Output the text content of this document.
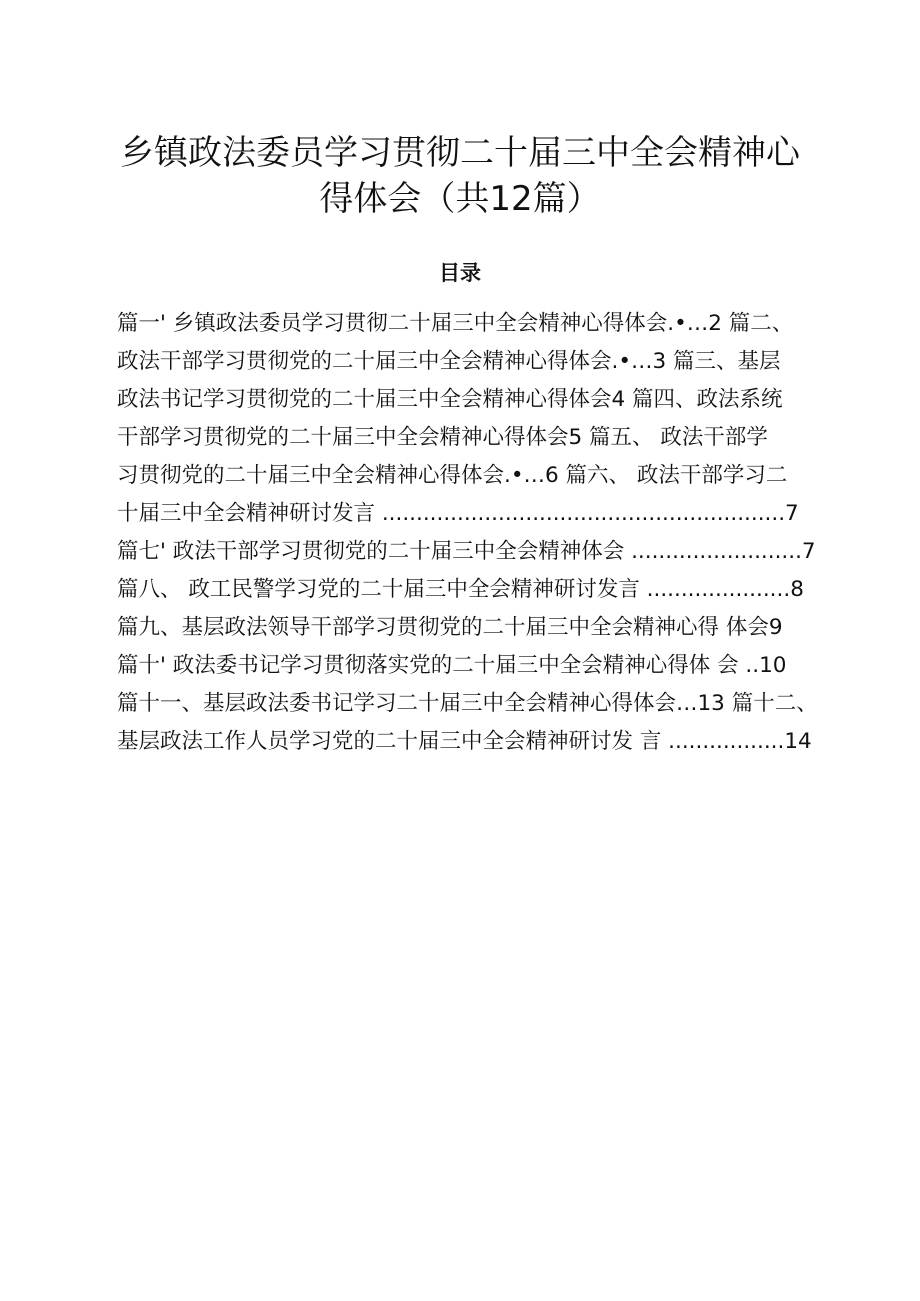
乡镇政法委员学习贯彻二十届三中全会精神心
得体会（共12篇）
目录
篇一' 乡镇政法委员学习贯彻二十届三中全会精神心得体会.•…2 篇二、
政法干部学习贯彻党的二十届三中全会精神心得体会.•…3 篇三、基层
政法书记学习贯彻党的二十届三中全会精神心得体会4 篇四、政法系统
干部学习贯彻党的二十届三中全会精神心得体会5 篇五、 政法干部学
习贯彻党的二十届三中全会精神心得体会.•…6 篇六、 政法干部学习二
十届三中全会精神研讨发言 ...........................................................7
篇七' 政法干部学习贯彻党的二十届三中全会精神体会 .........................7
篇八、 政工民警学习党的二十届三中全会精神研讨发言 .....................8
篇九、基层政法领导干部学习贯彻党的二十届三中全会精神心得 体会9
篇十' 政法委书记学习贯彻落实党的二十届三中全会精神心得体 会 ..10
篇十一、基层政法委书记学习二十届三中全会精神心得体会…13 篇十二、
基层政法工作人员学习党的二十届三中全会精神研讨发 言 .................14
